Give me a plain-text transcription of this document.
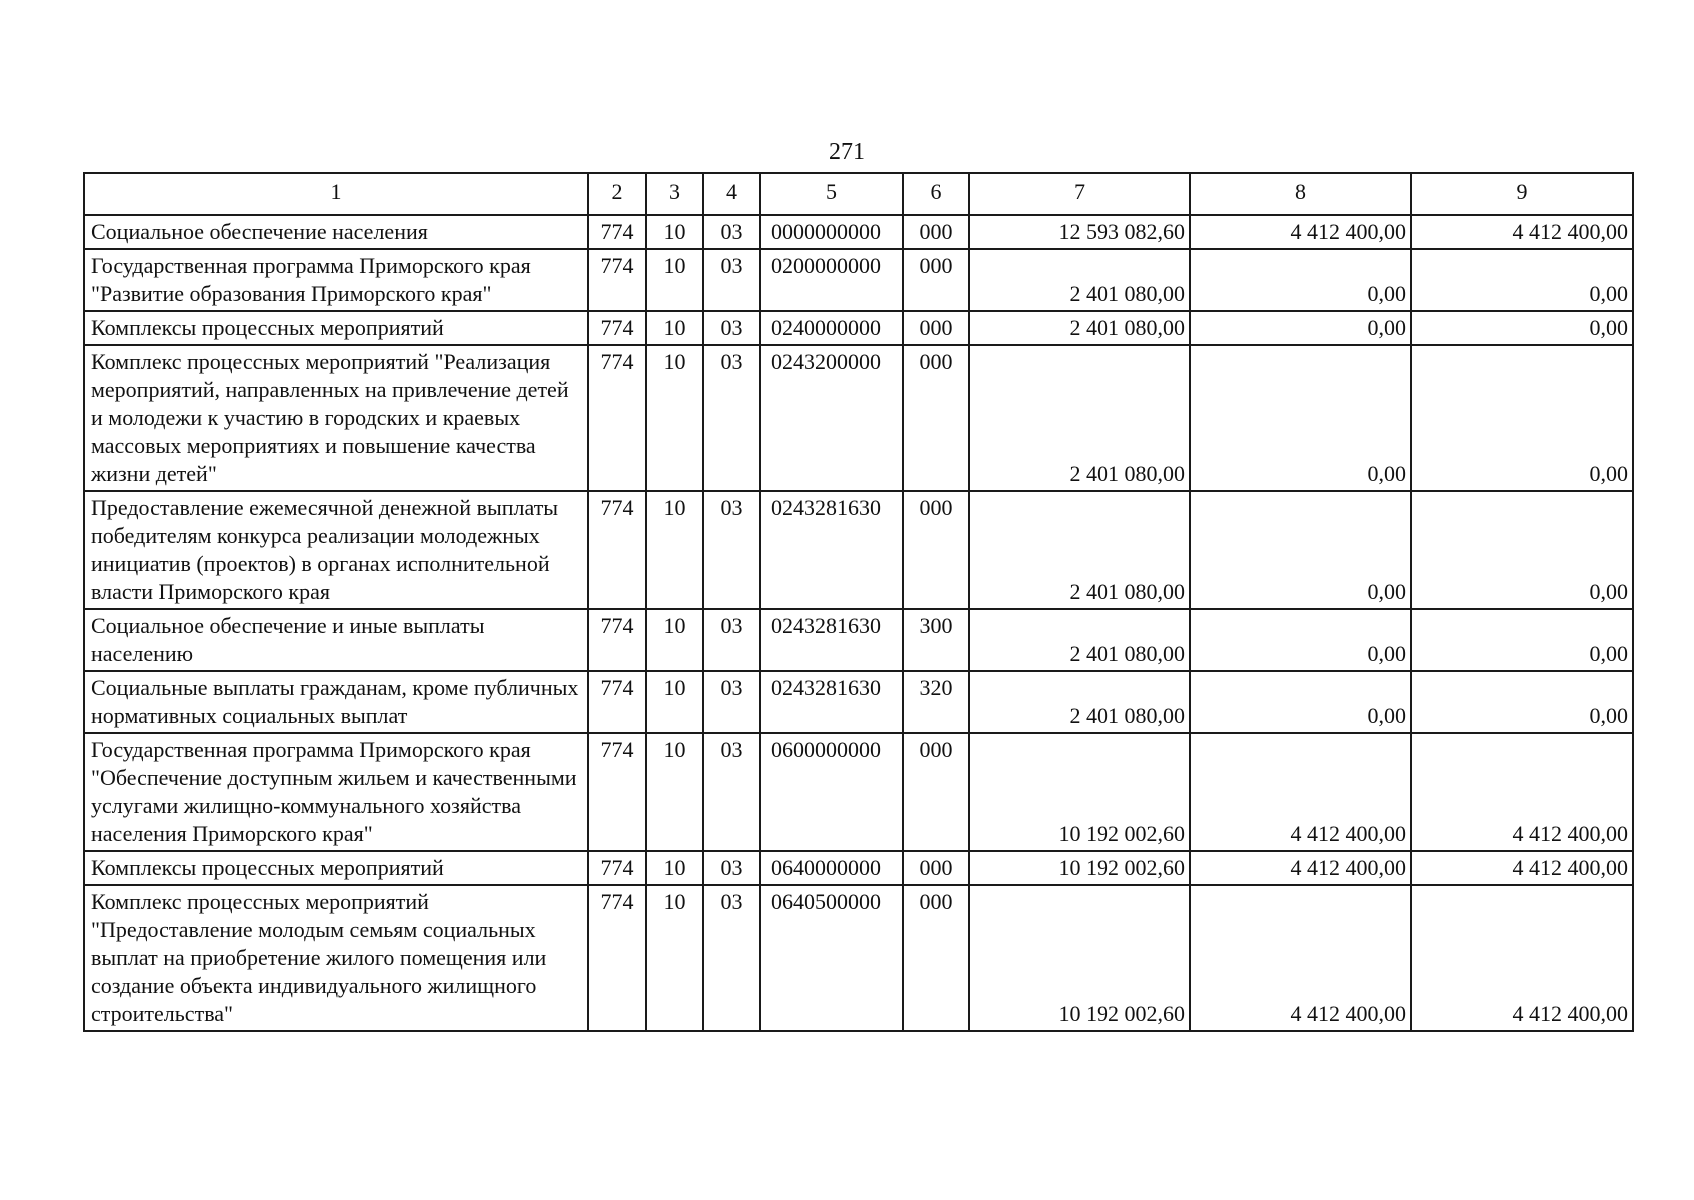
271
1	2	3	4	5	6	7	8	9
Социальное обеспечение населения	774	10	03	0000000000	000	12 593 082,60	4 412 400,00	4 412 400,00
Государственная программа Приморского края "Развитие образования Приморского края"	774	10	03	0200000000	000	2 401 080,00	0,00	0,00
Комплексы процессных мероприятий	774	10	03	0240000000	000	2 401 080,00	0,00	0,00
Комплекс процессных мероприятий "Реализация мероприятий, направленных на привлечение детей и молодежи к участию в городских и краевых массовых мероприятиях и повышение качества жизни детей"	774	10	03	0243200000	000	2 401 080,00	0,00	0,00
Предоставление ежемесячной денежной выплаты победителям конкурса реализации молодежных инициатив (проектов) в органах исполнительной власти Приморского края	774	10	03	0243281630	000	2 401 080,00	0,00	0,00
Социальное обеспечение и иные выплаты населению	774	10	03	0243281630	300	2 401 080,00	0,00	0,00
Социальные выплаты гражданам, кроме публичных нормативных социальных выплат	774	10	03	0243281630	320	2 401 080,00	0,00	0,00
Государственная программа Приморского края "Обеспечение доступным жильем и качественными услугами жилищно-коммунального хозяйства населения Приморского края"	774	10	03	0600000000	000	10 192 002,60	4 412 400,00	4 412 400,00
Комплексы процессных мероприятий	774	10	03	0640000000	000	10 192 002,60	4 412 400,00	4 412 400,00
Комплекс процессных мероприятий "Предоставление молодым семьям социальных выплат на приобретение жилого помещения или создание объекта индивидуального жилищного строительства"	774	10	03	0640500000	000	10 192 002,60	4 412 400,00	4 412 400,00
